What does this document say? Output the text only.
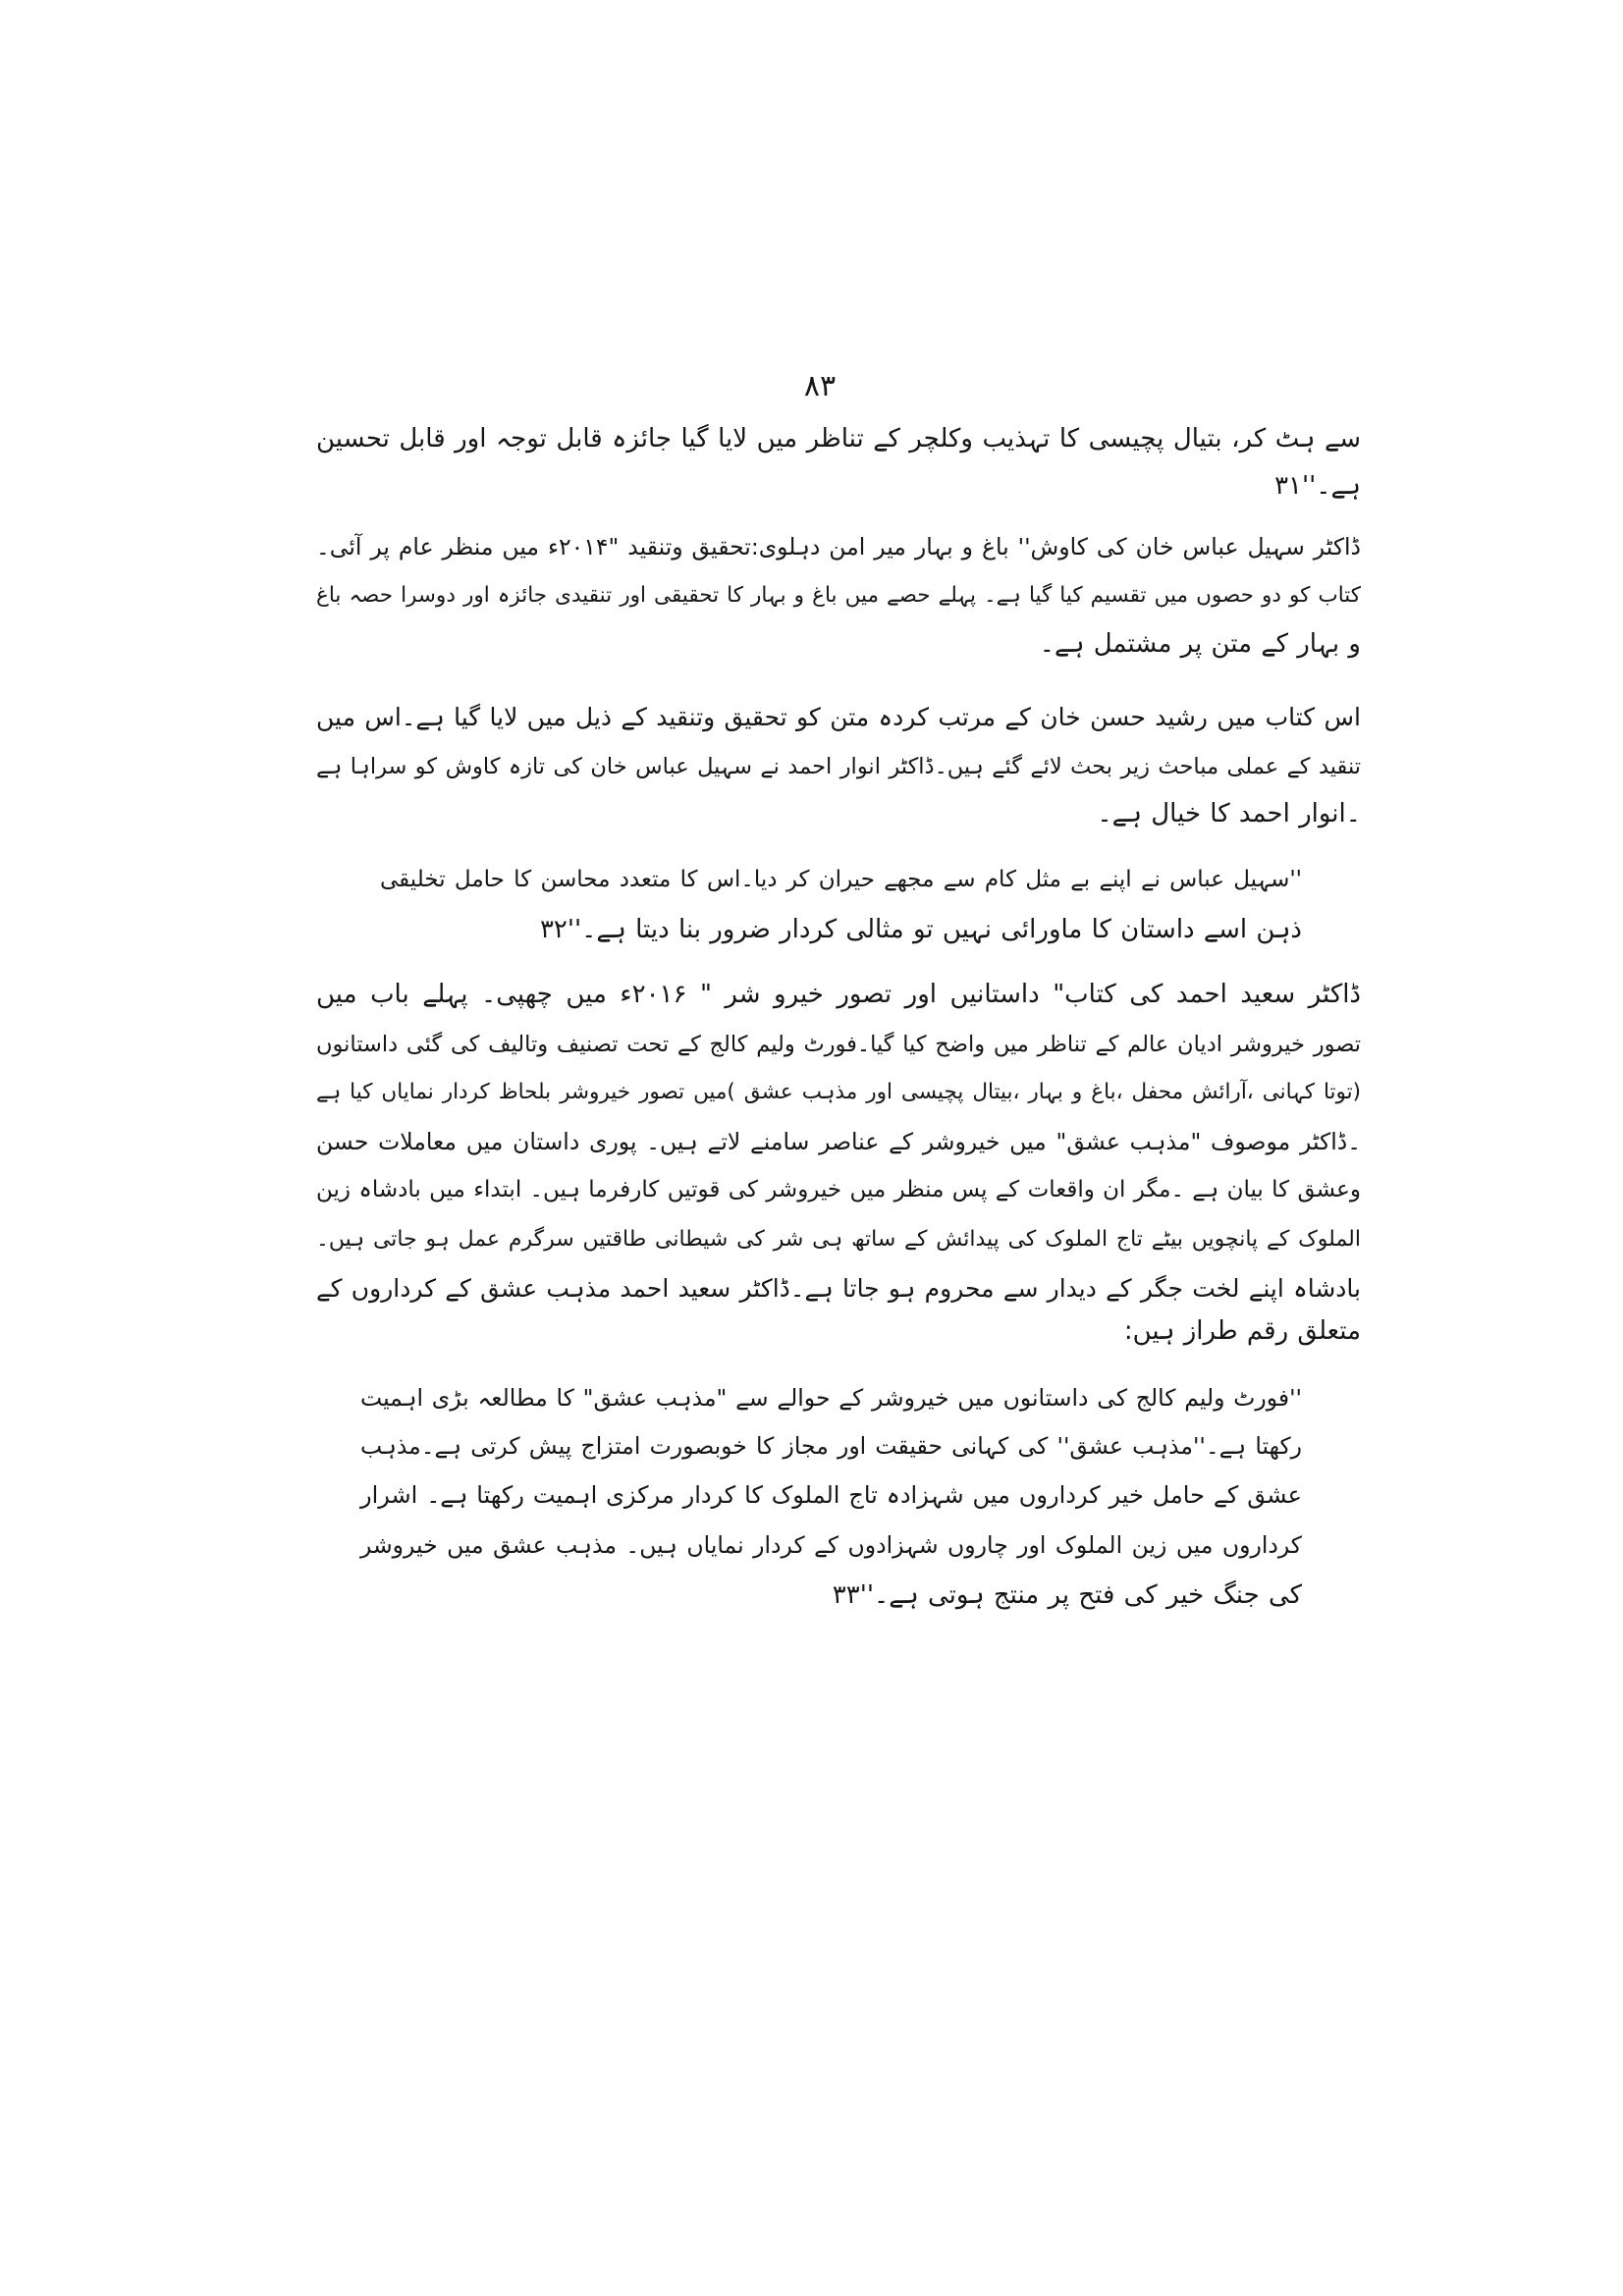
۸۳
سے ہٹ کر، بتیال پچیسی کا تہذیب وکلچر کے تناظر میں لایا گیا جائزہ قابل توجہ اور قابل تحسین
ہے۔''۳۱
ڈاکٹر سہیل عباس خان کی کاوش'' باغ و بہار میر امن دہلوی:تحقیق وتنقید "۲۰۱۴ء میں منظر عام پر آئی۔
کتاب کو دو حصوں میں تقسیم کیا گیا ہے۔ پہلے حصے میں باغ و بہار کا تحقیقی اور تنقیدی جائزہ اور دوسرا حصہ باغ
و بہار کے متن پر مشتمل ہے۔
اس کتاب میں رشید حسن خان کے مرتب کردہ متن کو تحقیق وتنقید کے ذیل میں لایا گیا ہے۔اس میں
تنقید کے عملی مباحث زیر بحث لائے گئے ہیں۔ڈاکٹر انوار احمد نے سہیل عباس خان کی تازہ کاوش کو سراہا ہے
۔انوار احمد کا خیال ہے۔
''سہیل عباس نے اپنے بے مثل کام سے مجھے حیران کر دیا۔اس کا متعدد محاسن کا حامل تخلیقی
ذہن اسے داستان کا ماورائی نہیں تو مثالی کردار ضرور بنا دیتا ہے۔''۳۲
ڈاکٹر سعید احمد کی کتاب" داستانیں اور تصور خیرو شر " ۲۰۱۶ء میں چھپی۔ پہلے باب میں
تصور خیروشر ادیان عالم کے تناظر میں واضح کیا گیا۔فورٹ ولیم کالج کے تحت تصنیف وتالیف کی گئی داستانوں
(توتا کہانی ،آرائش محفل ،باغ و بہار ،بیتال پچیسی اور مذہب عشق )میں تصور خیروشر بلحاظ کردار نمایاں کیا ہے
۔ڈاکٹر موصوف "مذہب عشق" میں خیروشر کے عناصر سامنے لاتے ہیں۔ پوری داستان میں معاملات حسن
وعشق کا بیان ہے ۔مگر ان واقعات کے پس منظر میں خیروشر کی قوتیں کارفرما ہیں۔ ابتداء میں بادشاہ زین
الملوک کے پانچویں بیٹے تاج الملوک کی پیدائش کے ساتھ ہی شر کی شیطانی طاقتیں سرگرم عمل ہو جاتی ہیں۔
بادشاہ اپنے لخت جگر کے دیدار سے محروم ہو جاتا ہے۔ڈاکٹر سعید احمد مذہب عشق کے کرداروں کے
متعلق رقم طراز ہیں:
''فورٹ ولیم کالج کی داستانوں میں خیروشر کے حوالے سے "مذہب عشق" کا مطالعہ بڑی اہمیت
رکھتا ہے۔''مذہب عشق'' کی کہانی حقیقت اور مجاز کا خوبصورت امتزاج پیش کرتی ہے۔مذہب
عشق کے حامل خیر کرداروں میں شہزادہ تاج الملوک کا کردار مرکزی اہمیت رکھتا ہے۔ اشرار
کرداروں میں زین الملوک اور چاروں شہزادوں کے کردار نمایاں ہیں۔ مذہب عشق میں خیروشر
کی جنگ خیر کی فتح پر منتج ہوتی ہے۔''۳۳
